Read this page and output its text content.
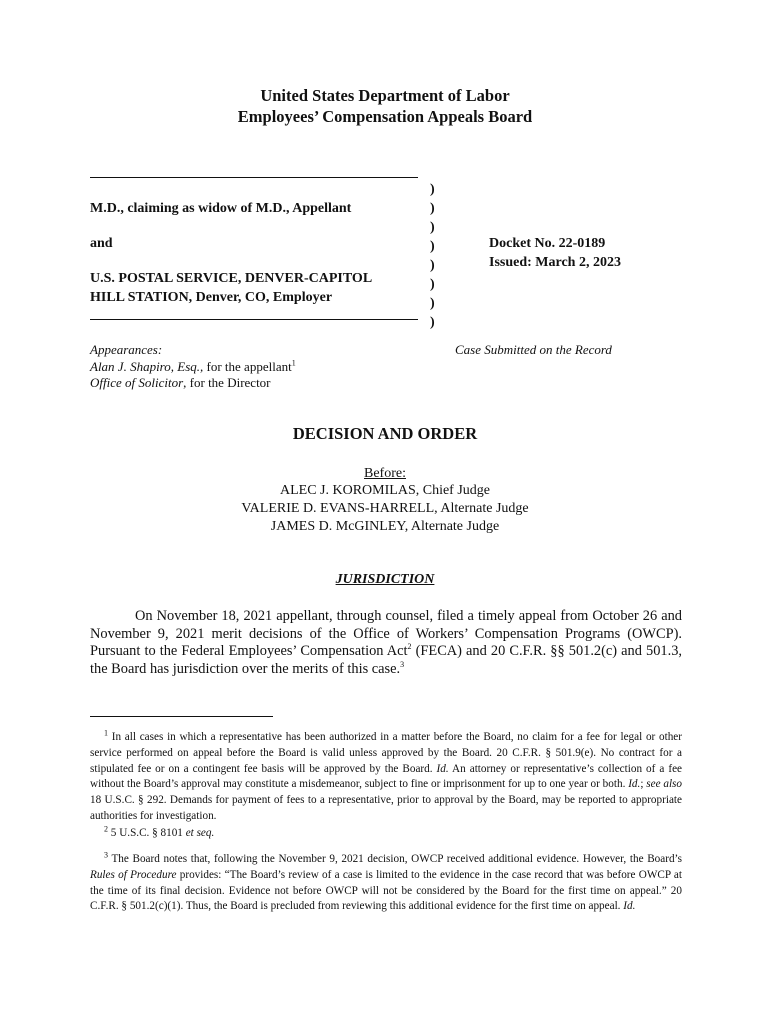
United States Department of Labor
Employees’ Compensation Appeals Board
M.D., claiming as widow of M.D., Appellant
and
U.S. POSTAL SERVICE, DENVER-CAPITOL
HILL STATION, Denver, CO, Employer
)
)
)
)
)
)
)
)
Docket No. 22-0189
Issued: March 2, 2023
Appearances:
Alan J. Shapiro, Esq., for the appellant$^1$
Office of Solicitor, for the Director
Case Submitted on the Record
DECISION AND ORDER
Before:
ALEC J. KOROMILAS, Chief Judge
VALERIE D. EVANS-HARRELL, Alternate Judge
JAMES D. McGINLEY, Alternate Judge
JURISDICTION
On November 18, 2021 appellant, through counsel, filed a timely appeal from October 26 and November 9, 2021 merit decisions of the Office of Workers’ Compensation Programs (OWCP). Pursuant to the Federal Employees’ Compensation Act$^2$ (FECA) and 20 C.F.R. §§ 501.2(c) and 501.3, the Board has jurisdiction over the merits of this case.$^3$
$^1$ In all cases in which a representative has been authorized in a matter before the Board, no claim for a fee for legal or other service performed on appeal before the Board is valid unless approved by the Board. 20 C.F.R. § 501.9(e). No contract for a stipulated fee or on a contingent fee basis will be approved by the Board. Id. An attorney or representative’s collection of a fee without the Board’s approval may constitute a misdemeanor, subject to fine or imprisonment for up to one year or both. Id.; see also 18 U.S.C. § 292. Demands for payment of fees to a representative, prior to approval by the Board, may be reported to appropriate authorities for investigation.
$^2$ 5 U.S.C. § 8101 et seq.
$^3$ The Board notes that, following the November 9, 2021 decision, OWCP received additional evidence. However, the Board’s Rules of Procedure provides: “The Board’s review of a case is limited to the evidence in the case record that was before OWCP at the time of its final decision. Evidence not before OWCP will not be considered by the Board for the first time on appeal.” 20 C.F.R. § 501.2(c)(1). Thus, the Board is precluded from reviewing this additional evidence for the first time on appeal. Id.
